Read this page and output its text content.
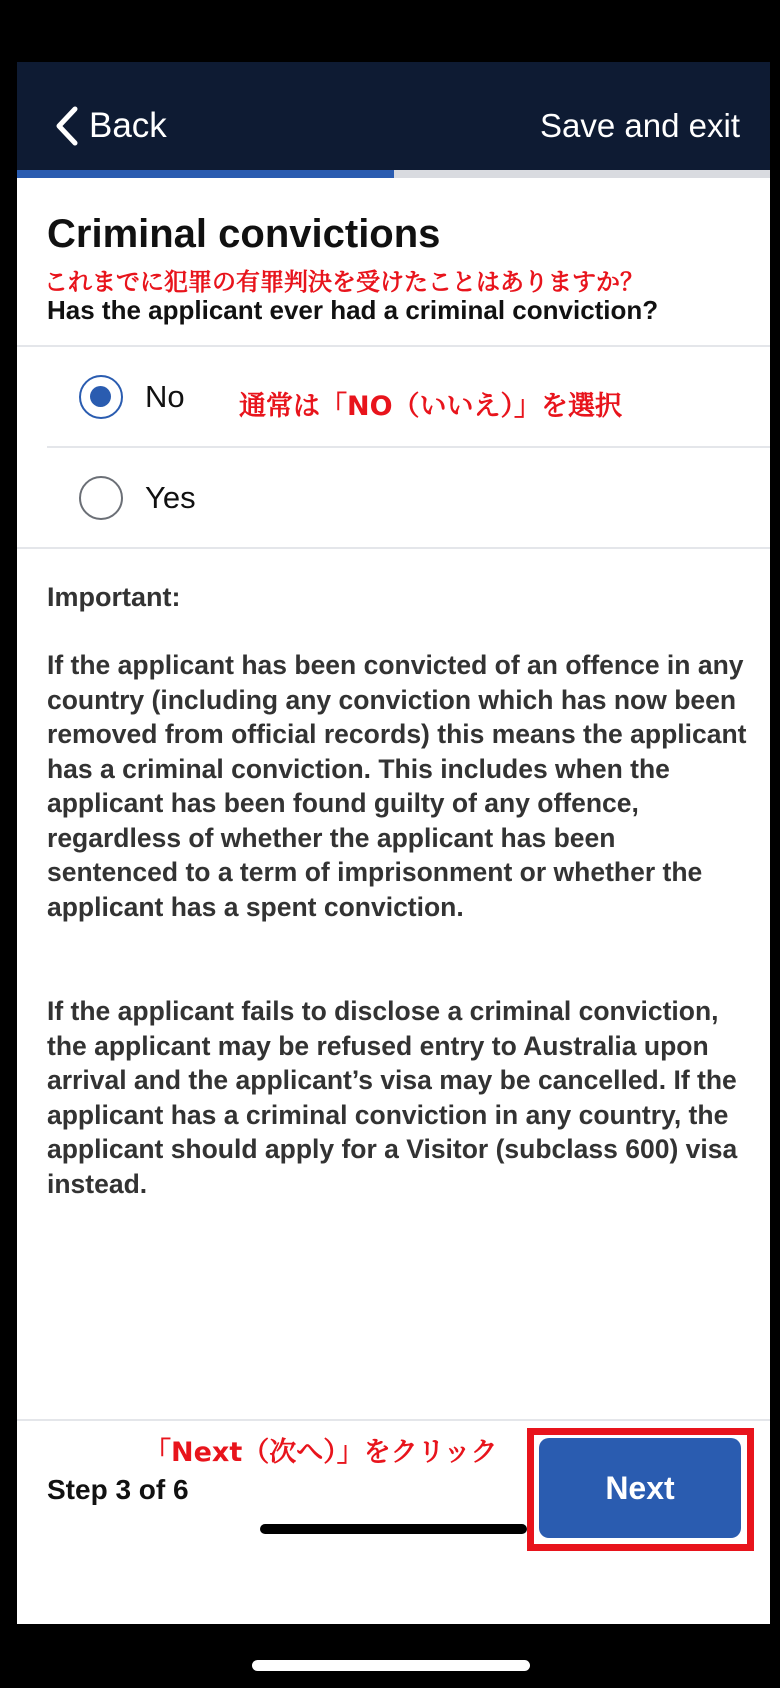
Back	Save and exit
Criminal convictions
これまでに犯罪の有罪判決を受けたことはありますか？
Has the applicant ever had a criminal conviction?
No 通常は「NO（いいえ）」を選択
Yes
Important:

If the applicant has been convicted of an offence in any country (including any conviction which has now been removed from official records) this means the applicant has a criminal conviction. This includes when the applicant has been found guilty of any offence, regardless of whether the applicant has been sentenced to a term of imprisonment or whether the applicant has a spent conviction.

If the applicant fails to disclose a criminal conviction, the applicant may be refused entry to Australia upon arrival and the applicant’s visa may be cancelled. If the applicant has a criminal conviction in any country, the applicant should apply for a Visitor (subclass 600) visa instead.

「Next（次へ）」をクリック
Step 3 of 6	Next
